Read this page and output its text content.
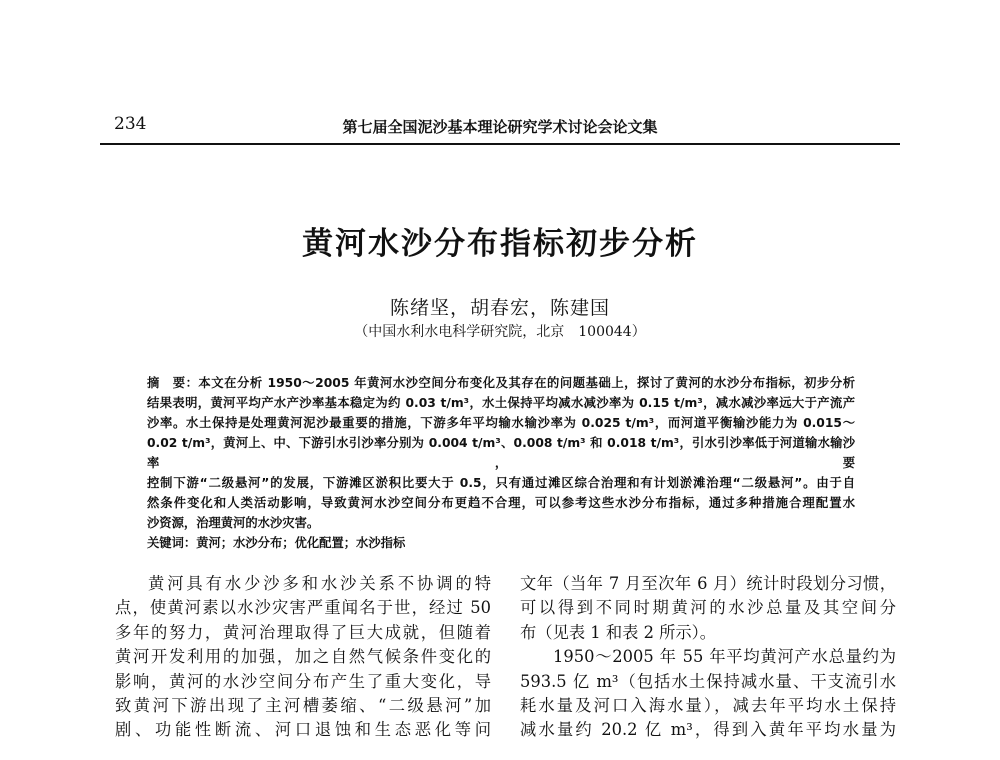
234	第七届全国泥沙基本理论研究学术讨论会论文集
黄河水沙分布指标初步分析
陈绪坚，胡春宏，陈建国
（中国水利水电科学研究院，北京　100044）
摘　要：本文在分析 1950～2005 年黄河水沙空间分布变化及其存在的问题基础上，探讨了黄河的水沙分布指标，初步分析
结果表明，黄河平均产水产沙率基本稳定为约 0.03 t/m³，水土保持平均减水减沙率为 0.15 t/m³，减水减沙率远大于产流产
沙率。水土保持是处理黄河泥沙最重要的措施，下游多年平均输水输沙率为 0.025 t/m³，而河道平衡输沙能力为 0.015～
0.02 t/m³，黄河上、中、下游引水引沙率分别为 0.004 t/m³、0.008 t/m³ 和 0.018 t/m³，引水引沙率低于河道输水输沙率，要
控制下游“二级悬河”的发展，下游滩区淤积比要大于 0.5，只有通过滩区综合治理和有计划淤滩治理“二级悬河”。由于自
然条件变化和人类活动影响，导致黄河水沙空间分布更趋不合理，可以参考这些水沙分布指标，通过多种措施合理配置水
沙资源，治理黄河的水沙灾害。
关键词：黄河；水沙分布；优化配置；水沙指标
黄河具有水少沙多和水沙关系不协调的特
点，使黄河素以水沙灾害严重闻名于世，经过 50
多年的努力，黄河治理取得了巨大成就，但随着
黄河开发利用的加强，加之自然气候条件变化的
影响，黄河的水沙空间分布产生了重大变化，导
致黄河下游出现了主河槽萎缩、“二级悬河”加
剧、功能性断流、河口退蚀和生态恶化等问
文年（当年 7 月至次年 6 月）统计时段划分习惯，
可以得到不同时期黄河的水沙总量及其空间分
布（见表 1 和表 2 所示）。
1950～2005 年 55 年平均黄河产水总量约为
593.5 亿 m³（包括水土保持减水量、干支流引水
耗水量及河口入海水量），减去年平均水土保持
减水量约 20.2 亿 m³，得到入黄年平均水量为
